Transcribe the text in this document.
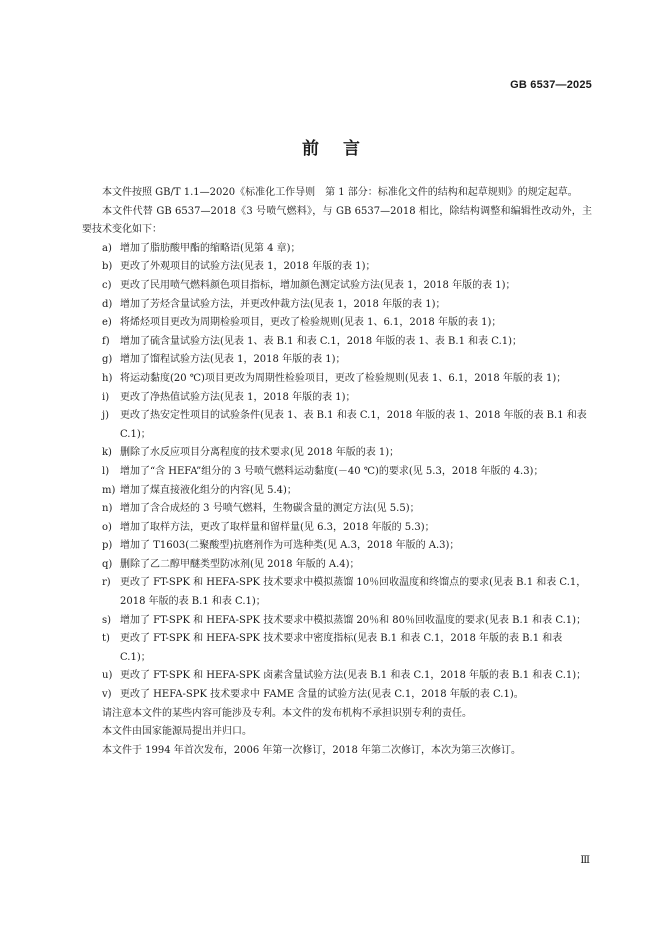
GB 6537—2025
前言

本文件按照 GB/T 1.1—2020《标准化工作导则　第 1 部分：标准化文件的结构和起草规则》的规定起草。

本文件代替 GB 6537—2018《3 号喷气燃料》，与 GB 6537—2018 相比，除结构调整和编辑性改动外，主要技术变化如下：

a) 增加了脂肪酸甲酯的缩略语(见第 4 章)；
b) 更改了外观项目的试验方法(见表 1，2018 年版的表 1)；
c) 更改了民用喷气燃料颜色项目指标，增加颜色测定试验方法(见表 1，2018 年版的表 1)；
d) 增加了芳烃含量试验方法，并更改仲裁方法(见表 1，2018 年版的表 1)；
e) 将烯烃项目更改为周期检验项目，更改了检验规则(见表 1、6.1，2018 年版的表 1)；
f)	增加了硫含量试验方法(见表 1、表 B.1 和表 C.1，2018 年版的表 1、表 B.1 和表 C.1)；
g) 增加了馏程试验方法(见表 1，2018 年版的表 1)；
h) 将运动黏度(20 ℃)项目更改为周期性检验项目，更改了检验规则(见表 1、6.1，2018 年版的表 1)；
i)	更改了净热值试验方法(见表 1，2018 年版的表 1)；
j)	更改了热安定性项目的试验条件(见表 1、表 B.1 和表 C.1，2018 年版的表 1、2018 年版的表 B.1 和表 C.1)；
k) 删除了水反应项目分离程度的技术要求(见 2018 年版的表 1)；
l)	增加了“含 HEFA”组分的 3 号喷气燃料运动黏度(－40 ℃)的要求(见 5.3，2018 年版的 4.3)；
m) 增加了煤直接液化组分的内容(见 5.4)；
n) 增加了含合成烃的 3 号喷气燃料，生物碳含量的测定方法(见 5.5)；
o) 增加了取样方法，更改了取样量和留样量(见 6.3，2018 年版的 5.3)；
p) 增加了 T1603(二聚酸型)抗磨剂作为可选种类(见 A.3，2018 年版的 A.3)；
q) 删除了乙二醇甲醚类型防冰剂(见 2018 年版的 A.4)；
r) 更改了 FT-SPK 和 HEFA-SPK 技术要求中模拟蒸馏 10％回收温度和终馏点的要求(见表 B.1 和表 C.1，2018 年版的表 B.1 和表 C.1)；
s) 增加了 FT-SPK 和 HEFA-SPK 技术要求中模拟蒸馏 20％和 80％回收温度的要求(见表 B.1 和表 C.1)；
t)	更改了 FT-SPK 和 HEFA-SPK 技术要求中密度指标(见表 B.1 和表 C.1，2018 年版的表 B.1 和表 C.1)；
u) 更改了 FT-SPK 和 HEFA-SPK 卤素含量试验方法(见表 B.1 和表 C.1，2018 年版的表 B.1 和表 C.1)；
v) 更改了 HEFA-SPK 技术要求中 FAME 含量的试验方法(见表 C.1，2018 年版的表 C.1)。

请注意本文件的某些内容可能涉及专利。本文件的发布机构不承担识别专利的责任。

本文件由国家能源局提出并归口。

本文件于 1994 年首次发布，2006 年第一次修订，2018 年第二次修订，本次为第三次修订。

Ⅲ
